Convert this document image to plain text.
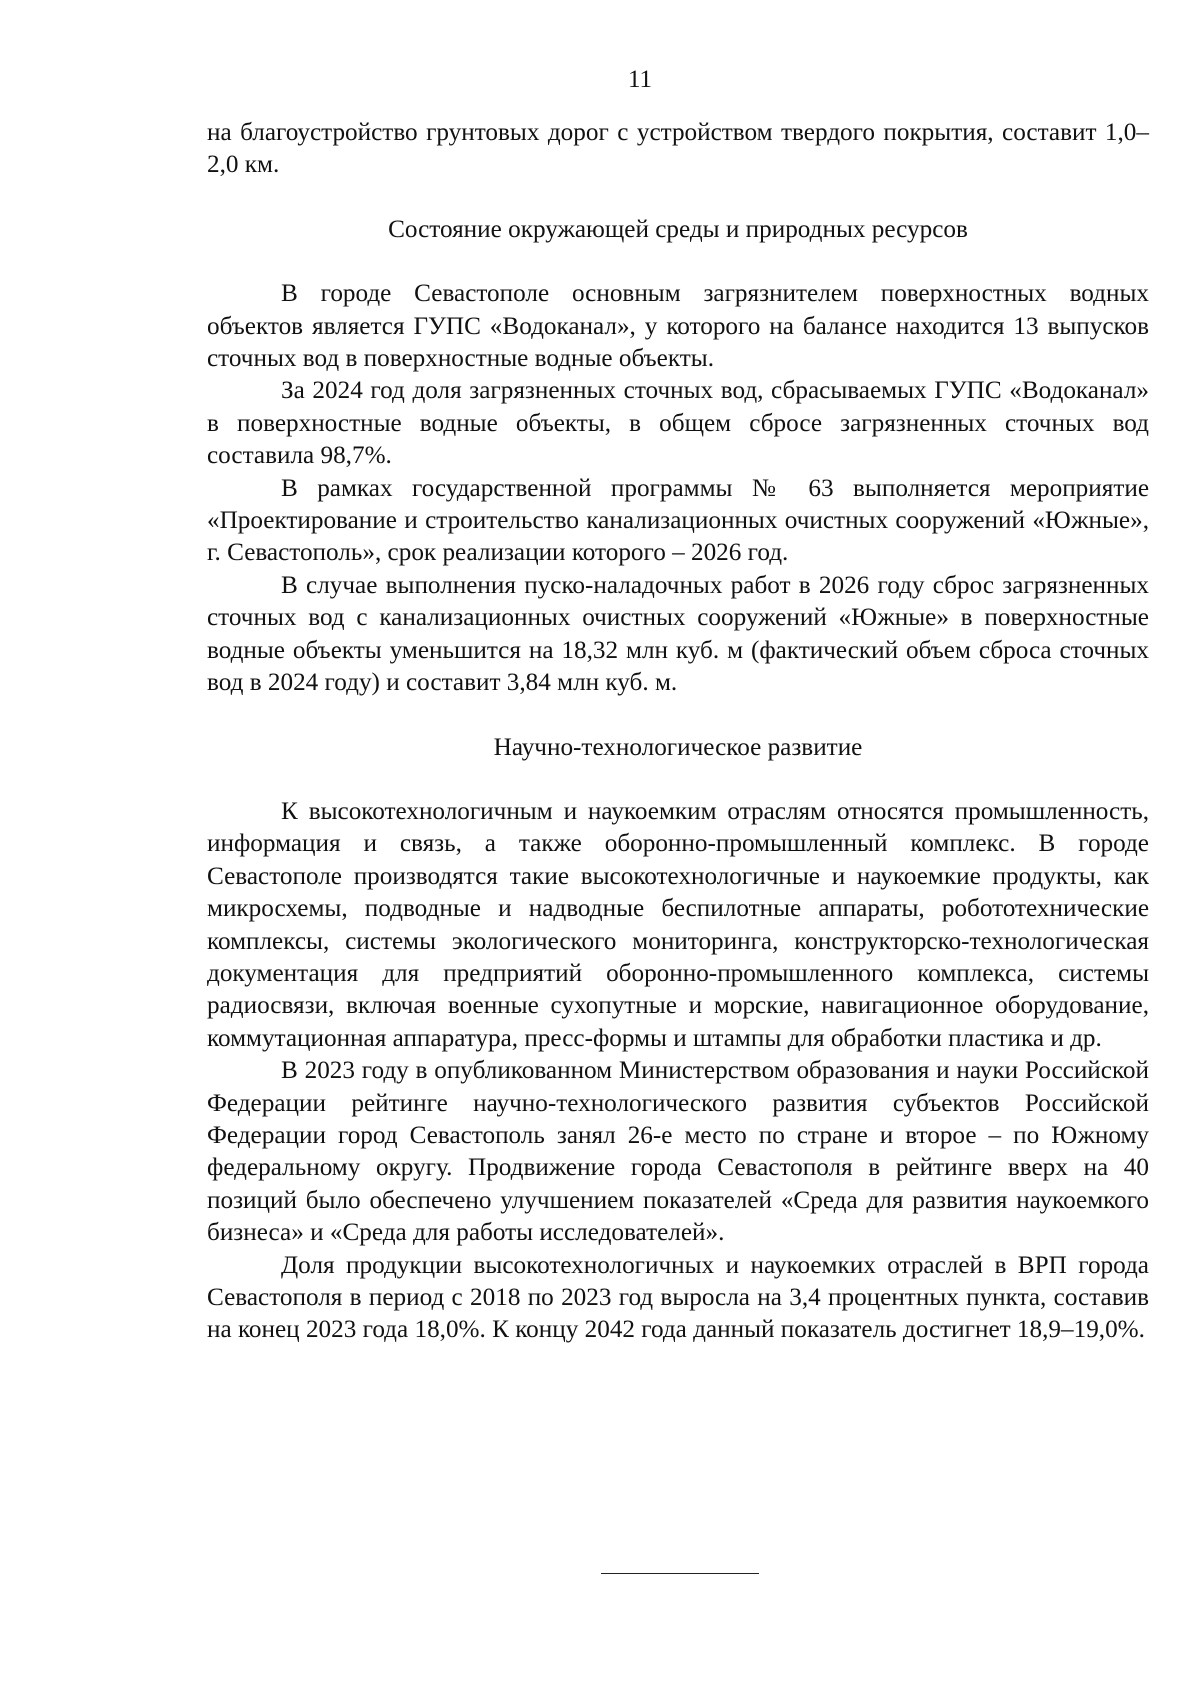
11

на благоустройство грунтовых дорог с устройством твердого покрытия, составит 1,0–2,0 км.

Состояние окружающей среды и природных ресурсов

В городе Севастополе основным загрязнителем поверхностных водных объектов является ГУПС «Водоканал», у которого на балансе находится 13 выпусков сточных вод в поверхностные водные объекты.

За 2024 год доля загрязненных сточных вод, сбрасываемых ГУПС «Водоканал» в поверхностные водные объекты, в общем сбросе загрязненных сточных вод составила 98,7%.

В рамках государственной программы № 63 выполняется мероприятие «Проектирование и строительство канализационных очистных сооружений «Южные», г. Севастополь», срок реализации которого – 2026 год.

В случае выполнения пуско-наладочных работ в 2026 году сброс загрязненных сточных вод с канализационных очистных сооружений «Южные» в поверхностные водные объекты уменьшится на 18,32 млн куб. м (фактический объем сброса сточных вод в 2024 году) и составит 3,84 млн куб. м.

Научно-технологическое развитие

К высокотехнологичным и наукоемким отраслям относятся промышленность, информация и связь, а также оборонно-промышленный комплекс. В городе Севастополе производятся такие высокотехнологичные и наукоемкие продукты, как микросхемы, подводные и надводные беспилотные аппараты, робототехнические комплексы, системы экологического мониторинга, конструкторско-технологическая документация для предприятий оборонно-промышленного комплекса, системы радиосвязи, включая военные сухопутные и морские, навигационное оборудование, коммутационная аппаратура, пресс-формы и штампы для обработки пластика и др.

В 2023 году в опубликованном Министерством образования и науки Российской Федерации рейтинге научно-технологического развития субъектов Российской Федерации город Севастополь занял 26-е место по стране и второе – по Южному федеральному округу. Продвижение города Севастополя в рейтинге вверх на 40 позиций было обеспечено улучшением показателей «Среда для развития наукоемкого бизнеса» и «Среда для работы исследователей».

Доля продукции высокотехнологичных и наукоемких отраслей в ВРП города Севастополя в период с 2018 по 2023 год выросла на 3,4 процентных пункта, составив на конец 2023 года 18,0%. К концу 2042 года данный показатель достигнет 18,9–19,0%.
